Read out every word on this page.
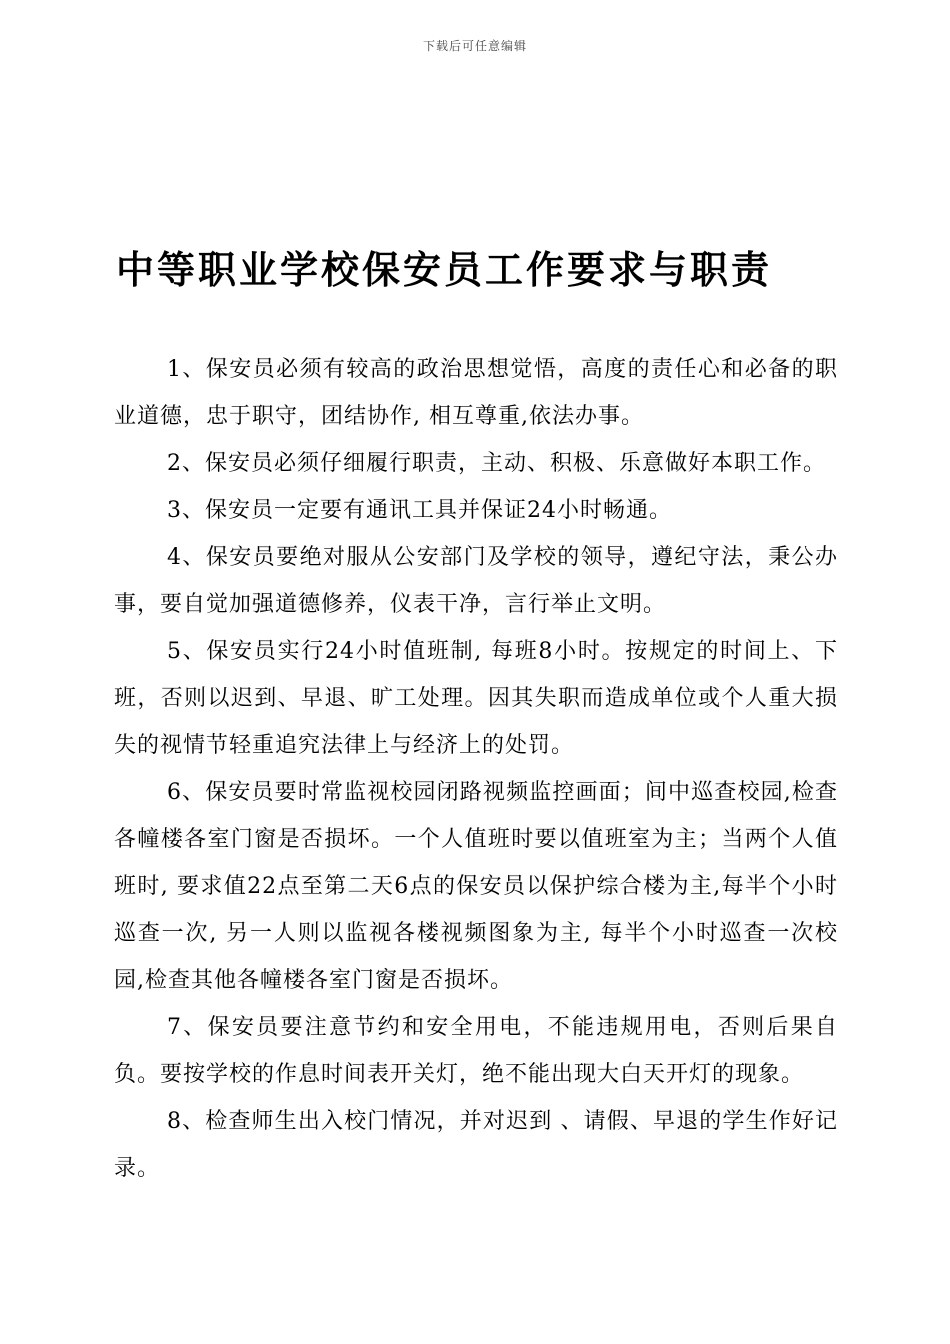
下载后可任意编辑
中等职业学校保安员工作要求与职责

1、保安员必须有较高的政治思想觉悟，高度的责任心和必备的职业道德，忠于职守，团结协作, 相互尊重,依法办事。

2、保安员必须仔细履行职责，主动、积极、乐意做好本职工作。

3、保安员一定要有通讯工具并保证24小时畅通。

4、保安员要绝对服从公安部门及学校的领导，遵纪守法，秉公办事，要自觉加强道德修养，仪表干净，言行举止文明。

5、保安员实行24小时值班制, 每班8小时。按规定的时间上、下班，否则以迟到、早退、旷工处理。因其失职而造成单位或个人重大损失的视情节轻重追究法律上与经济上的处罚。

6、保安员要时常监视校园闭路视频监控画面；间中巡查校园,检查各幢楼各室门窗是否损坏。一个人值班时要以值班室为主；当两个人值班时, 要求值22点至第二天6点的保安员以保护综合楼为主,每半个小时巡查一次, 另一人则以监视各楼视频图象为主, 每半个小时巡查一次校园,检查其他各幢楼各室门窗是否损坏。

7、保安员要注意节约和安全用电，不能违规用电，否则后果自负。要按学校的作息时间表开关灯，绝不能出现大白天开灯的现象。

8、检查师生出入校门情况，并对迟到 、请假、早退的学生作好记录。
